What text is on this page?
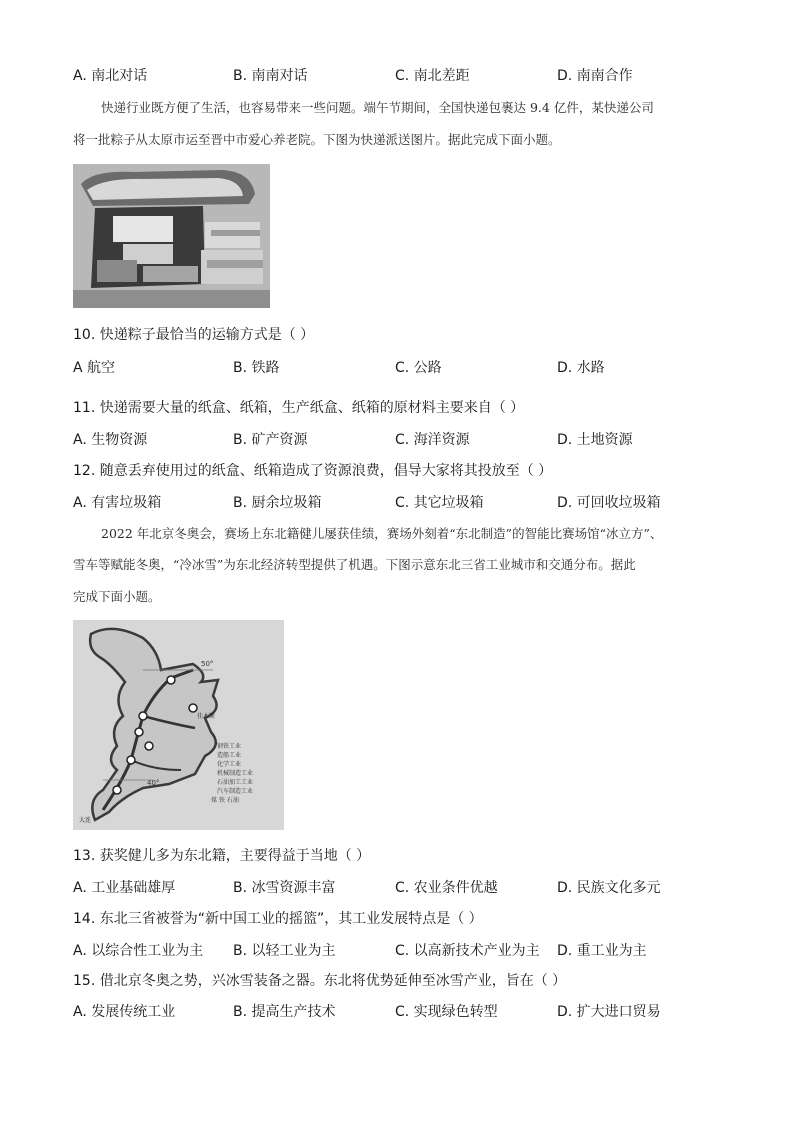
A. 南北对话	B. 南南对话	C. 南北差距	D. 南南合作
快递行业既方便了生活，也容易带来一些问题。端午节期间，全国快递包裹达 9.4 亿件，某快递公司
将一批粽子从太原市运至晋中市爱心养老院。下图为快递派送图片。据此完成下面小题。
10. 快递粽子最恰当的运输方式是（ ）
A 航空	B. 铁路	C. 公路	D. 水路
11. 快递需要大量的纸盒、纸箱，生产纸盒、纸箱的原材料主要来自（ ）
A. 生物资源	B. 矿产资源	C. 海洋资源	D. 土地资源
12. 随意丢弃使用过的纸盒、纸箱造成了资源浪费，倡导大家将其投放至（ ）
A. 有害垃圾箱	B. 厨余垃圾箱	C. 其它垃圾箱	D. 可回收垃圾箱
2022 年北京冬奥会，赛场上东北籍健儿屡获佳绩，赛场外刻着“东北制造”的智能比赛场馆“冰立方”、
雪车等赋能冬奥，“冷冰雪”为东北经济转型提供了机遇。下图示意东北三省工业城市和交通分布。据此
完成下面小题。
50°
40°
佳木斯
大连
钢铁工业
造船工业
化学工业
机械制造工业
石油加工工业
汽车制造工业
煤 铁 石油
13. 获奖健儿多为东北籍，主要得益于当地（ ）
A. 工业基础雄厚	B. 冰雪资源丰富	C. 农业条件优越	D. 民族文化多元
14. 东北三省被誉为“新中国工业的摇篮”，其工业发展特点是（ ）
A. 以综合性工业为主 B. 以轻工业为主	C. 以高新技术产业为主 D. 重工业为主
15. 借北京冬奥之势，兴冰雪装备之器。东北将优势延伸至冰雪产业，旨在（ ）
A. 发展传统工业	B. 提高生产技术	C. 实现绿色转型	D. 扩大进口贸易
